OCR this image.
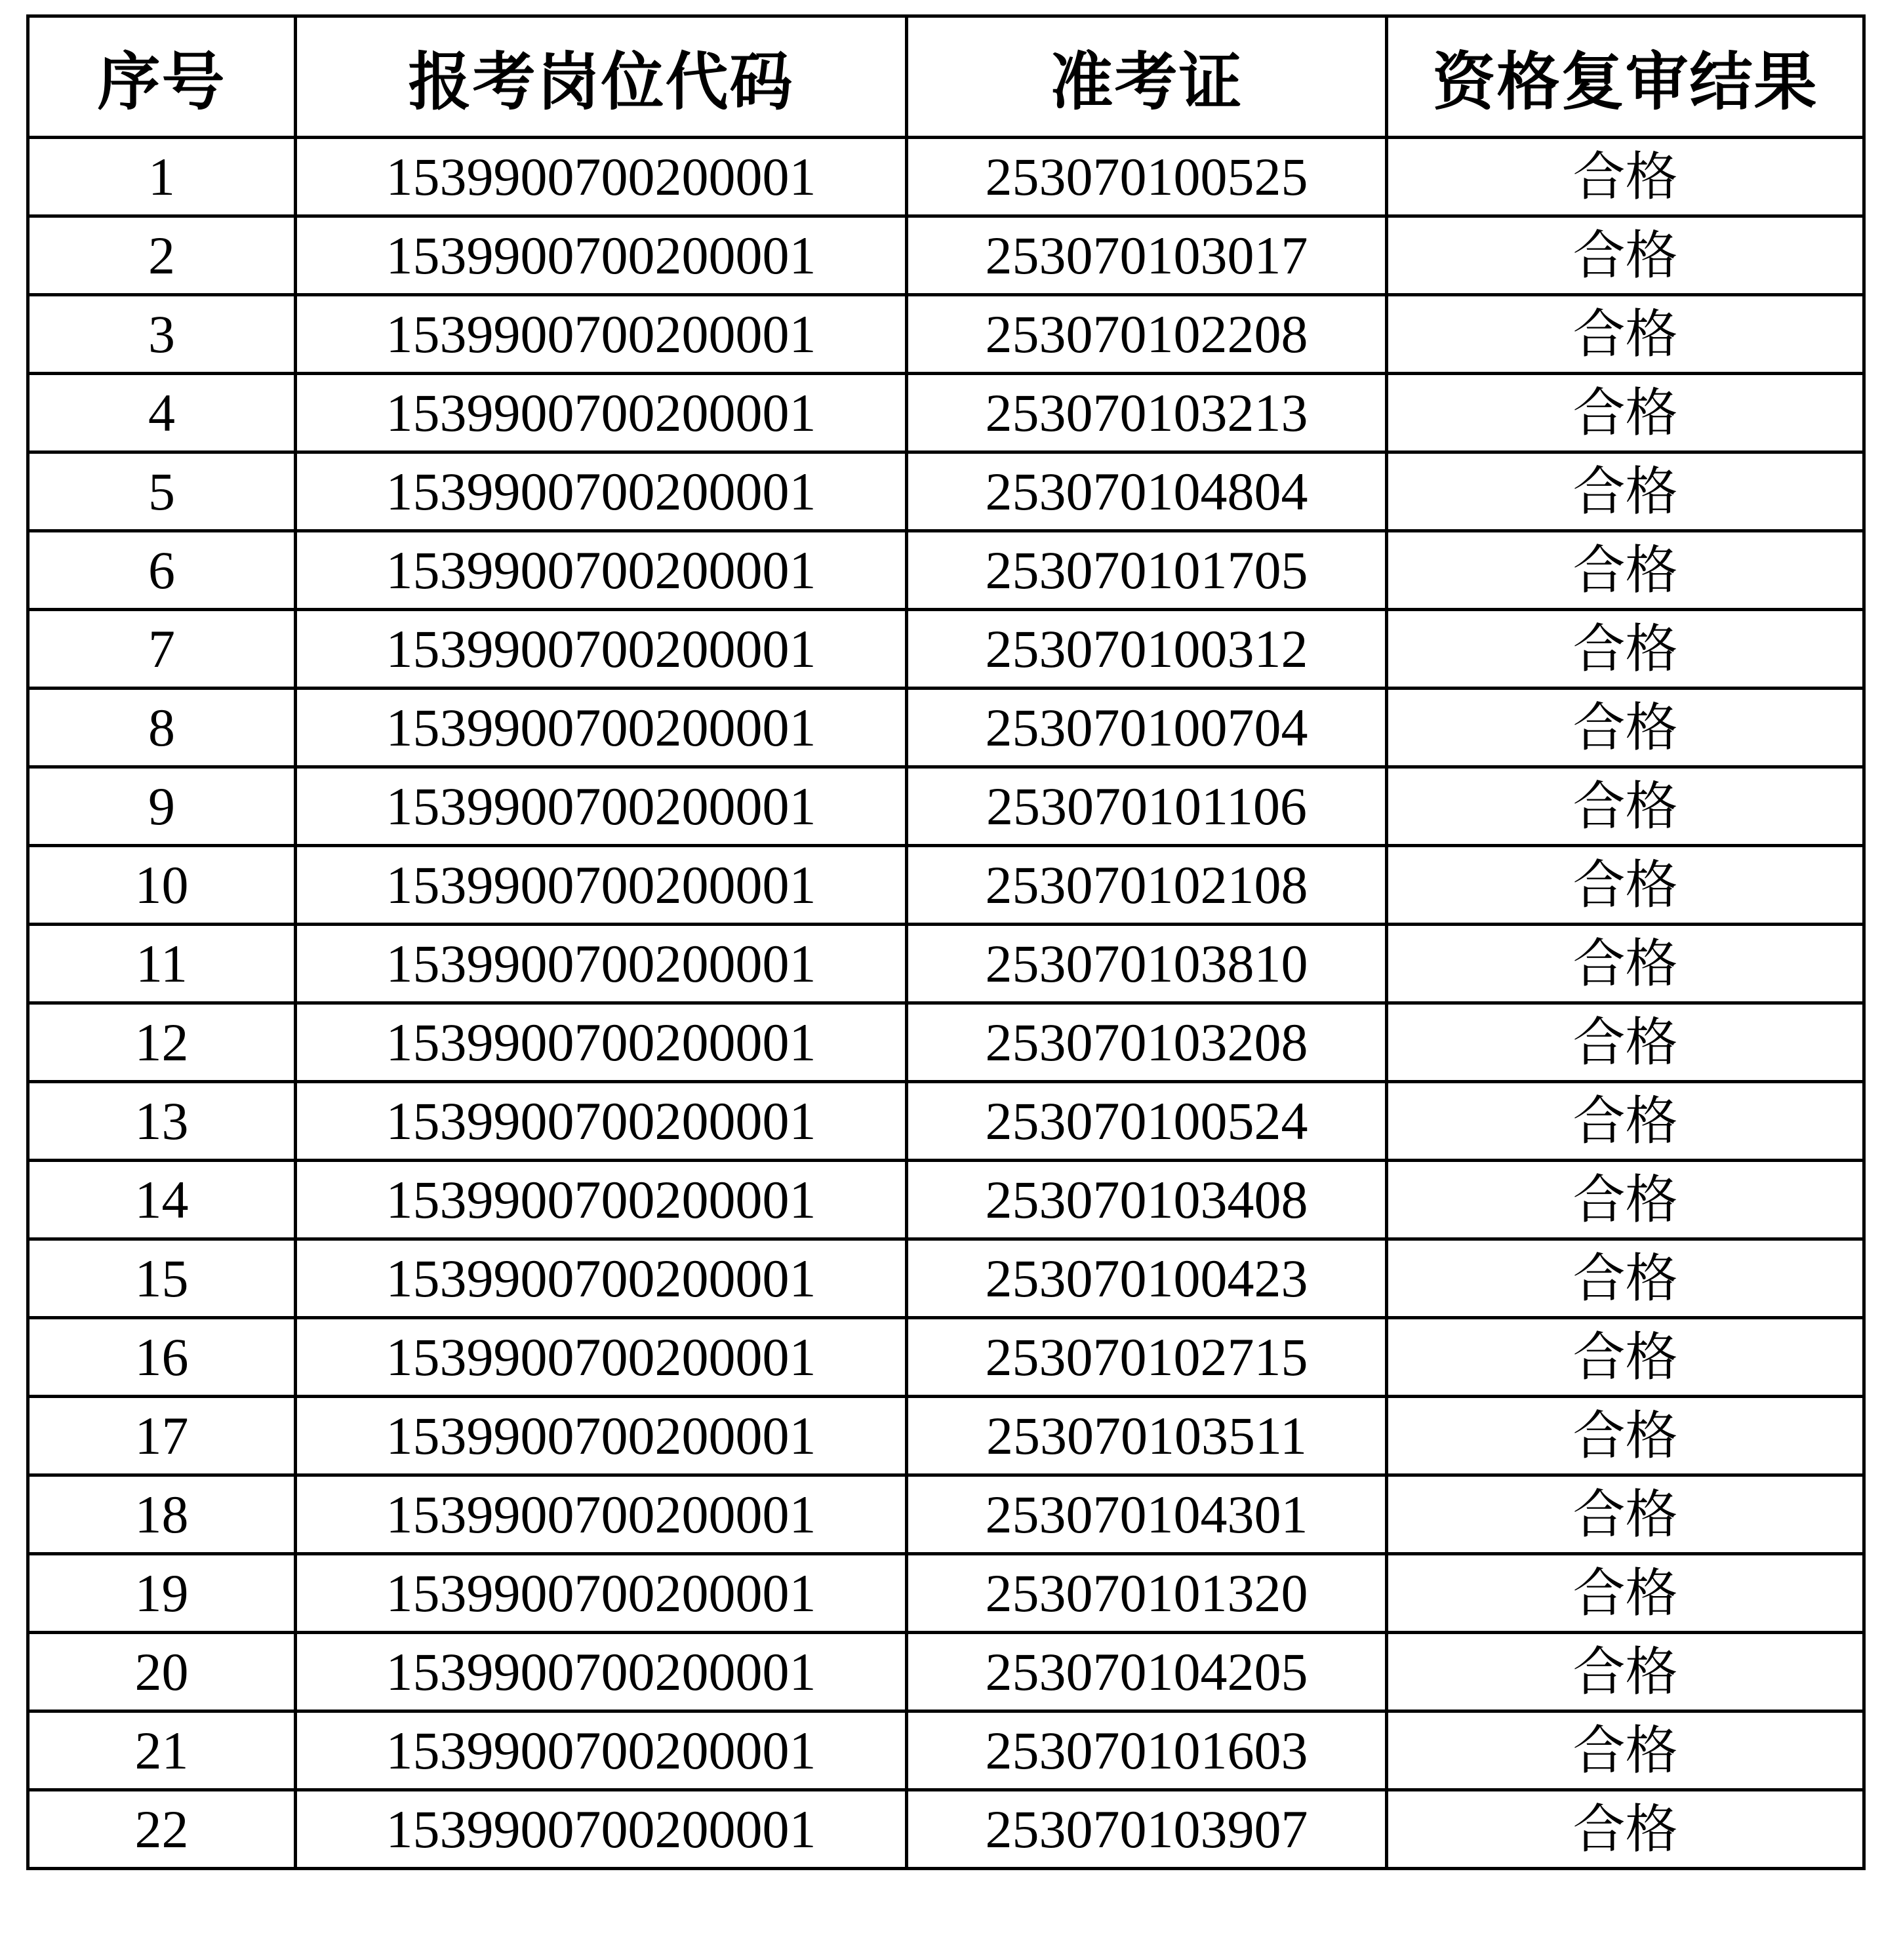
序号	报考岗位代码	准考证	资格复审结果
1	1539900700200001	253070100525	合格
2	1539900700200001	253070103017	合格
3	1539900700200001	253070102208	合格
4	1539900700200001	253070103213	合格
5	1539900700200001	253070104804	合格
6	1539900700200001	253070101705	合格
7	1539900700200001	253070100312	合格
8	1539900700200001	253070100704	合格
9	1539900700200001	253070101106	合格
10	1539900700200001	253070102108	合格
11	1539900700200001	253070103810	合格
12	1539900700200001	253070103208	合格
13	1539900700200001	253070100524	合格
14	1539900700200001	253070103408	合格
15	1539900700200001	253070100423	合格
16	1539900700200001	253070102715	合格
17	1539900700200001	253070103511	合格
18	1539900700200001	253070104301	合格
19	1539900700200001	253070101320	合格
20	1539900700200001	253070104205	合格
21	1539900700200001	253070101603	合格
22	1539900700200001	253070103907	合格
